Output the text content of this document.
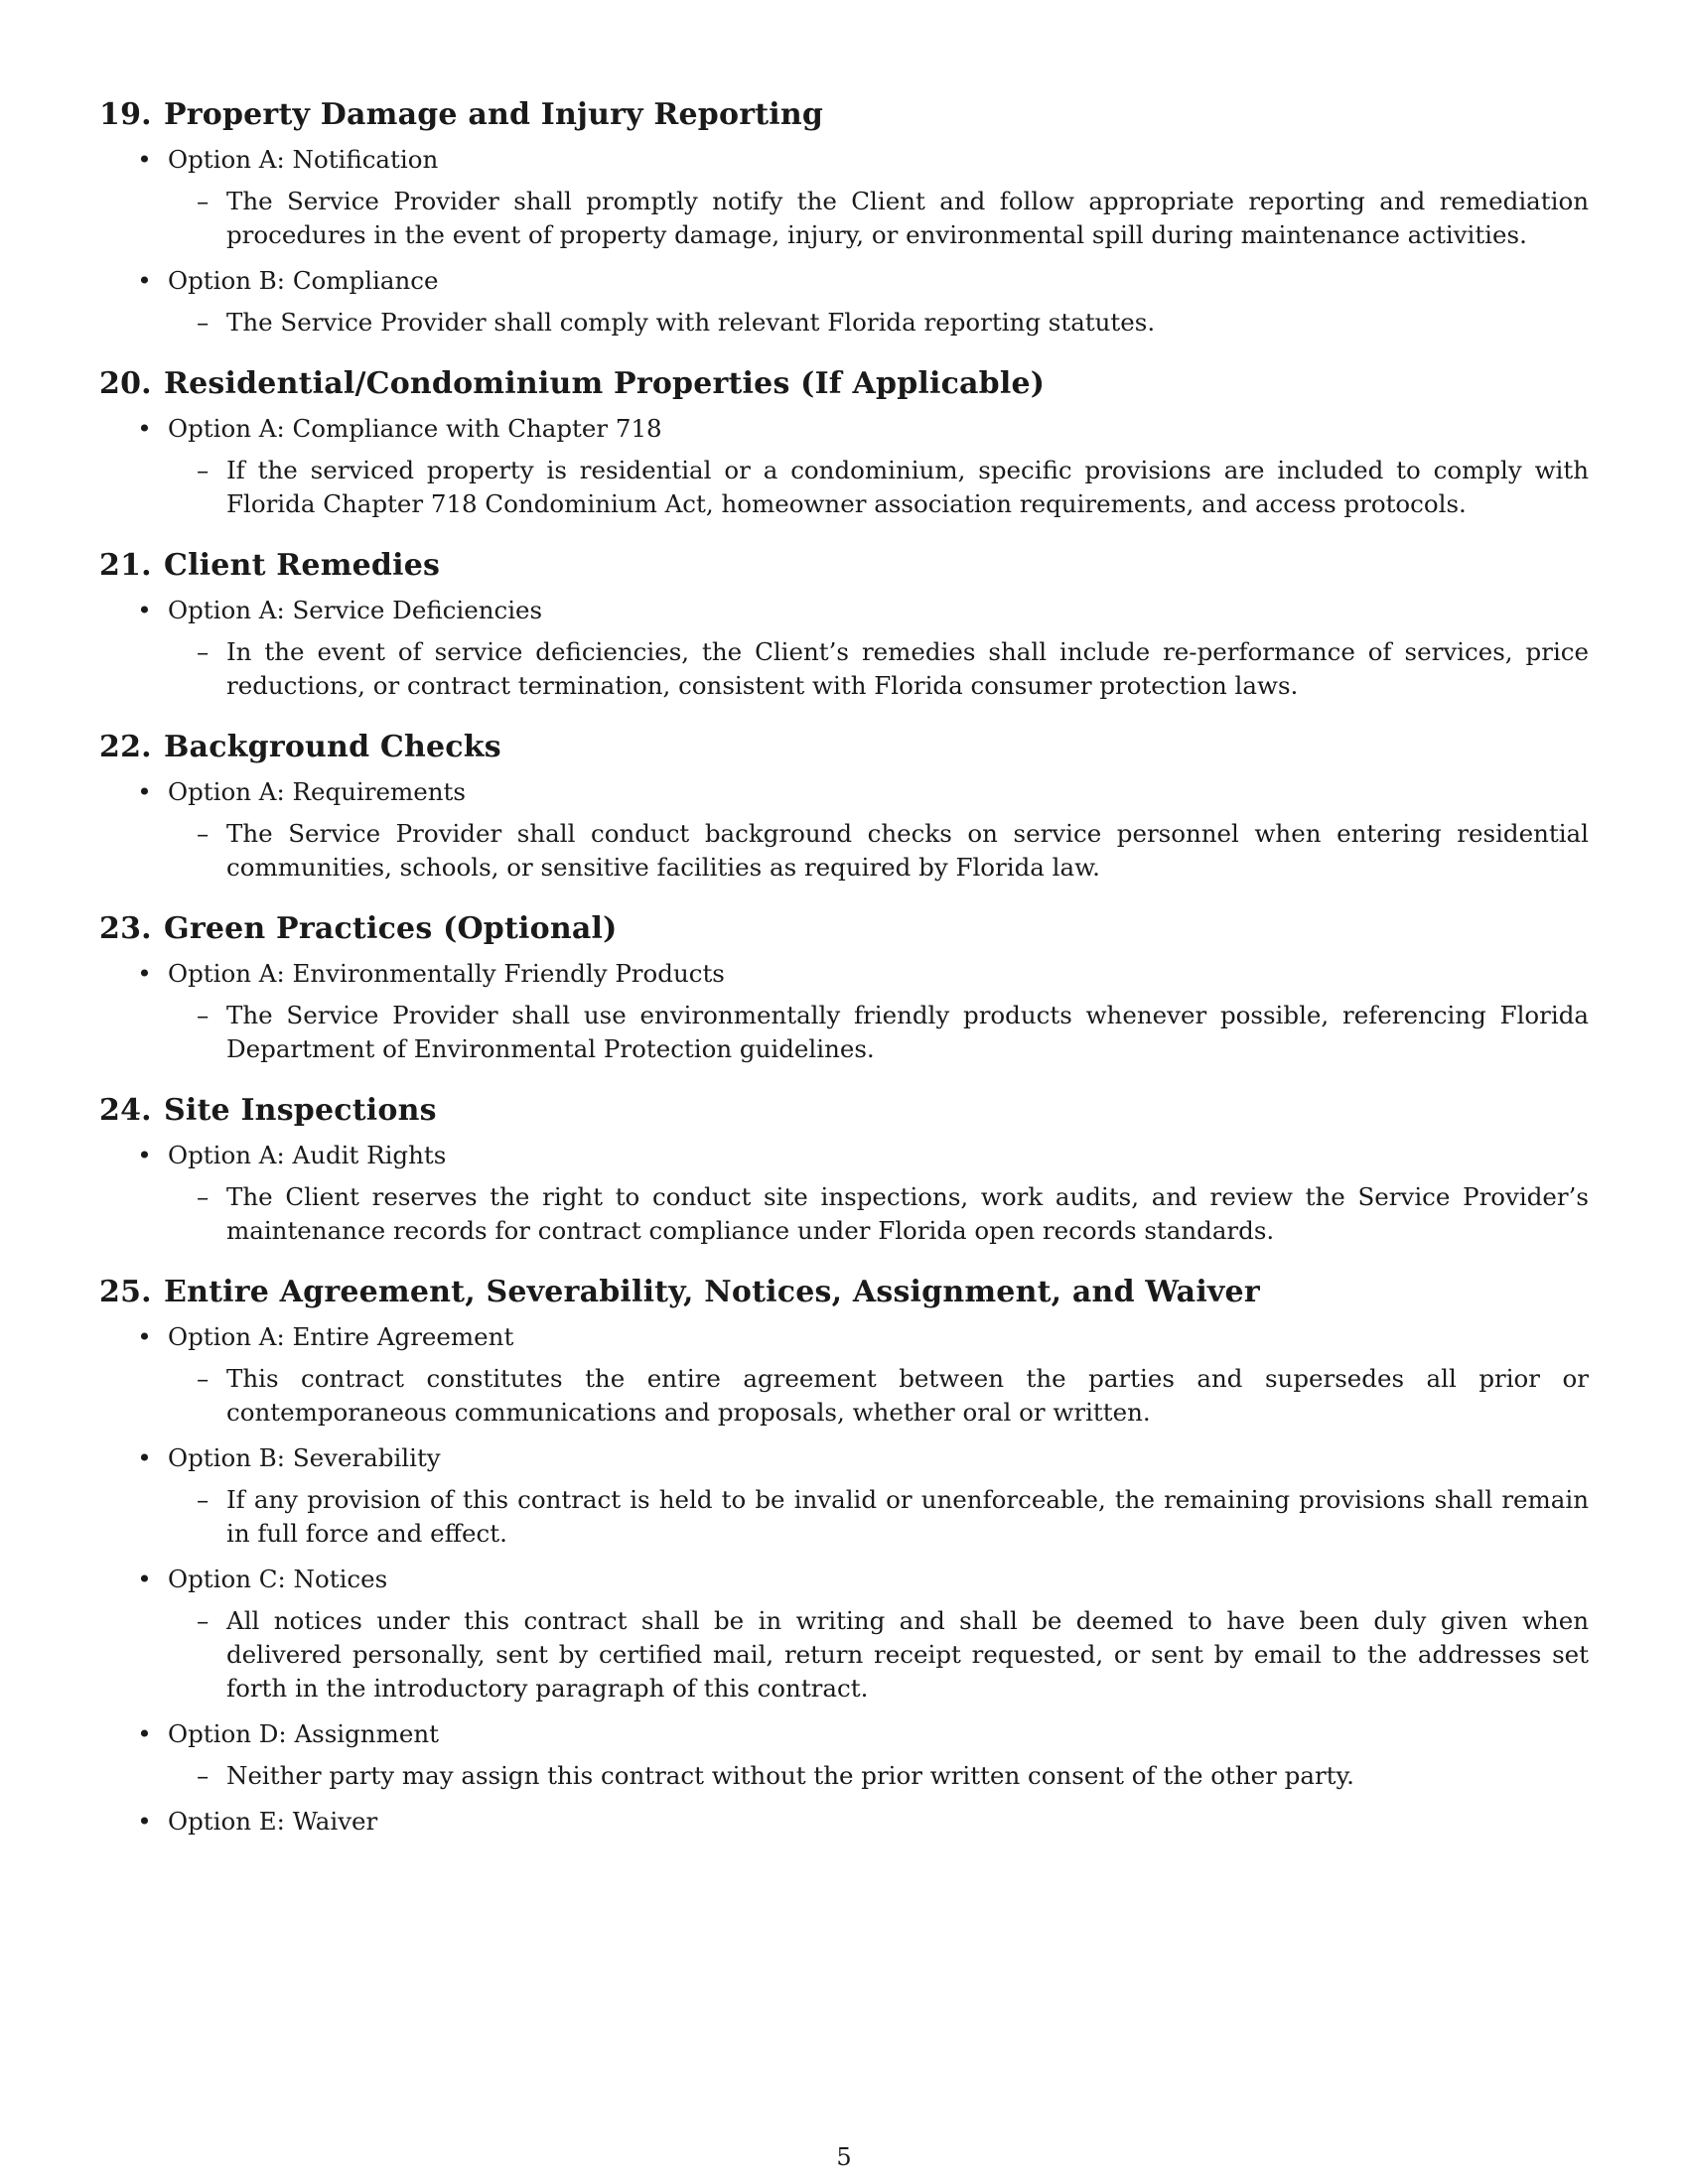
19. Property Damage and Injury Reporting
• Option A: Notification
– The Service Provider shall promptly notify the Client and follow appropriate reporting and remediation procedures in the event of property damage, injury, or environmental spill during maintenance activities.
• Option B: Compliance
– The Service Provider shall comply with relevant Florida reporting statutes.
20. Residential/Condominium Properties (If Applicable)
• Option A: Compliance with Chapter 718
– If the serviced property is residential or a condominium, specific provisions are included to comply with Florida Chapter 718 Condominium Act, homeowner association requirements, and access protocols.
21. Client Remedies
• Option A: Service Deficiencies
– In the event of service deficiencies, the Client’s remedies shall include re-performance of services, price reductions, or contract termination, consistent with Florida consumer protection laws.
22. Background Checks
• Option A: Requirements
– The Service Provider shall conduct background checks on service personnel when entering residential communities, schools, or sensitive facilities as required by Florida law.
23. Green Practices (Optional)
• Option A: Environmentally Friendly Products
– The Service Provider shall use environmentally friendly products whenever possible, referencing Florida Department of Environmental Protection guidelines.
24. Site Inspections
• Option A: Audit Rights
– The Client reserves the right to conduct site inspections, work audits, and review the Service Provider’s maintenance records for contract compliance under Florida open records standards.
25. Entire Agreement, Severability, Notices, Assignment, and Waiver
• Option A: Entire Agreement
– This contract constitutes the entire agreement between the parties and supersedes all prior or contemporaneous communications and proposals, whether oral or written.
• Option B: Severability
– If any provision of this contract is held to be invalid or unenforceable, the remaining provisions shall remain in full force and effect.
• Option C: Notices
– All notices under this contract shall be in writing and shall be deemed to have been duly given when delivered personally, sent by certified mail, return receipt requested, or sent by email to the addresses set forth in the introductory paragraph of this contract.
• Option D: Assignment
– Neither party may assign this contract without the prior written consent of the other party.
• Option E: Waiver
5
